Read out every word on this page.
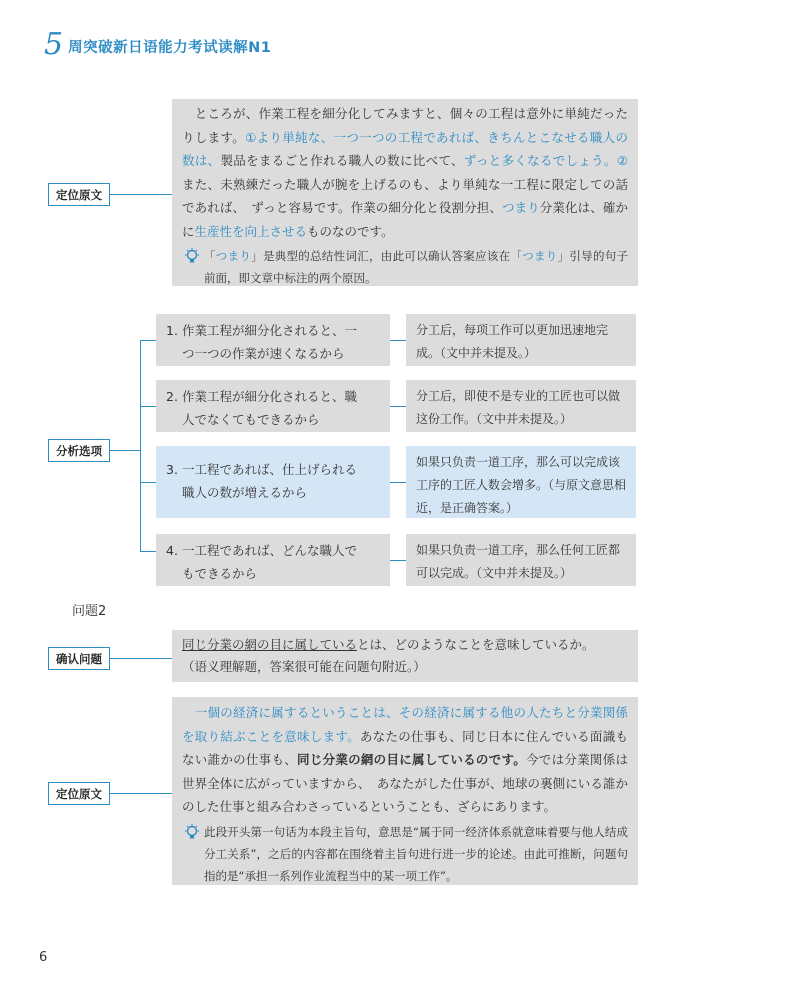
5 周突破新日语能力考试读解N1
定位原文

　ところが、作業工程を細分化してみますと、個々の工程は意外に単純だったりします。①より単純な、一つ一つの工程であれば、きちんとこなせる職人の数は、製品をまるごと作れる職人の数に比べて、ずっと多くなるでしょう。②また、未熟練だった職人が腕を上げるのも、より単純な一工程に限定しての話であれば、　ずっと容易です。作業の細分化と役割分担、つまり分業化は、確かに生産性を向上させるものなのです。

「つまり」是典型的总结性词汇，由此可以确认答案应该在「つまり」引导的句子前面，即文章中标注的两个原因。

分析选项
1. 作業工程が細分化されると、一
つ一つの作業が速くなるから
分工后，每项工作可以更加迅速地完成。（文中并未提及。）
2. 作業工程が細分化されると、職
人でなくてもできるから
分工后，即使不是专业的工匠也可以做这份工作。（文中并未提及。）
3. 一工程であれば、仕上げられる
職人の数が増えるから
如果只负责一道工序，那么可以完成该工序的工匠人数会增多。（与原文意思相近，是正确答案。）
4. 一工程であれば、どんな職人で
もできるから
如果只负责一道工序，那么任何工匠都可以完成。（文中并未提及。）
问题2
确认问题

同じ分業の網の目に属しているとは、どのようなことを意味しているか。

（语义理解题，答案很可能在问题句附近。）

定位原文

　一個の経済に属するということは、その経済に属する他の人たちと分業関係を取り結ぶことを意味します。あなたの仕事も、同じ日本に住んでいる面識もない誰かの仕事も、同じ分業の網の目に属しているのです。今では分業関係は世界全体に広がっていますから、　あなたがした仕事が、地球の裏側にいる誰かのした仕事と組み合わさっているということも、ざらにあります。

此段开头第一句话为本段主旨句，意思是“属于同一经济体系就意味着要与他人结成分工关系”，之后的内容都在围绕着主旨句进行进一步的论述。由此可推断，问题句指的是“承担一系列作业流程当中的某一项工作”。

6
